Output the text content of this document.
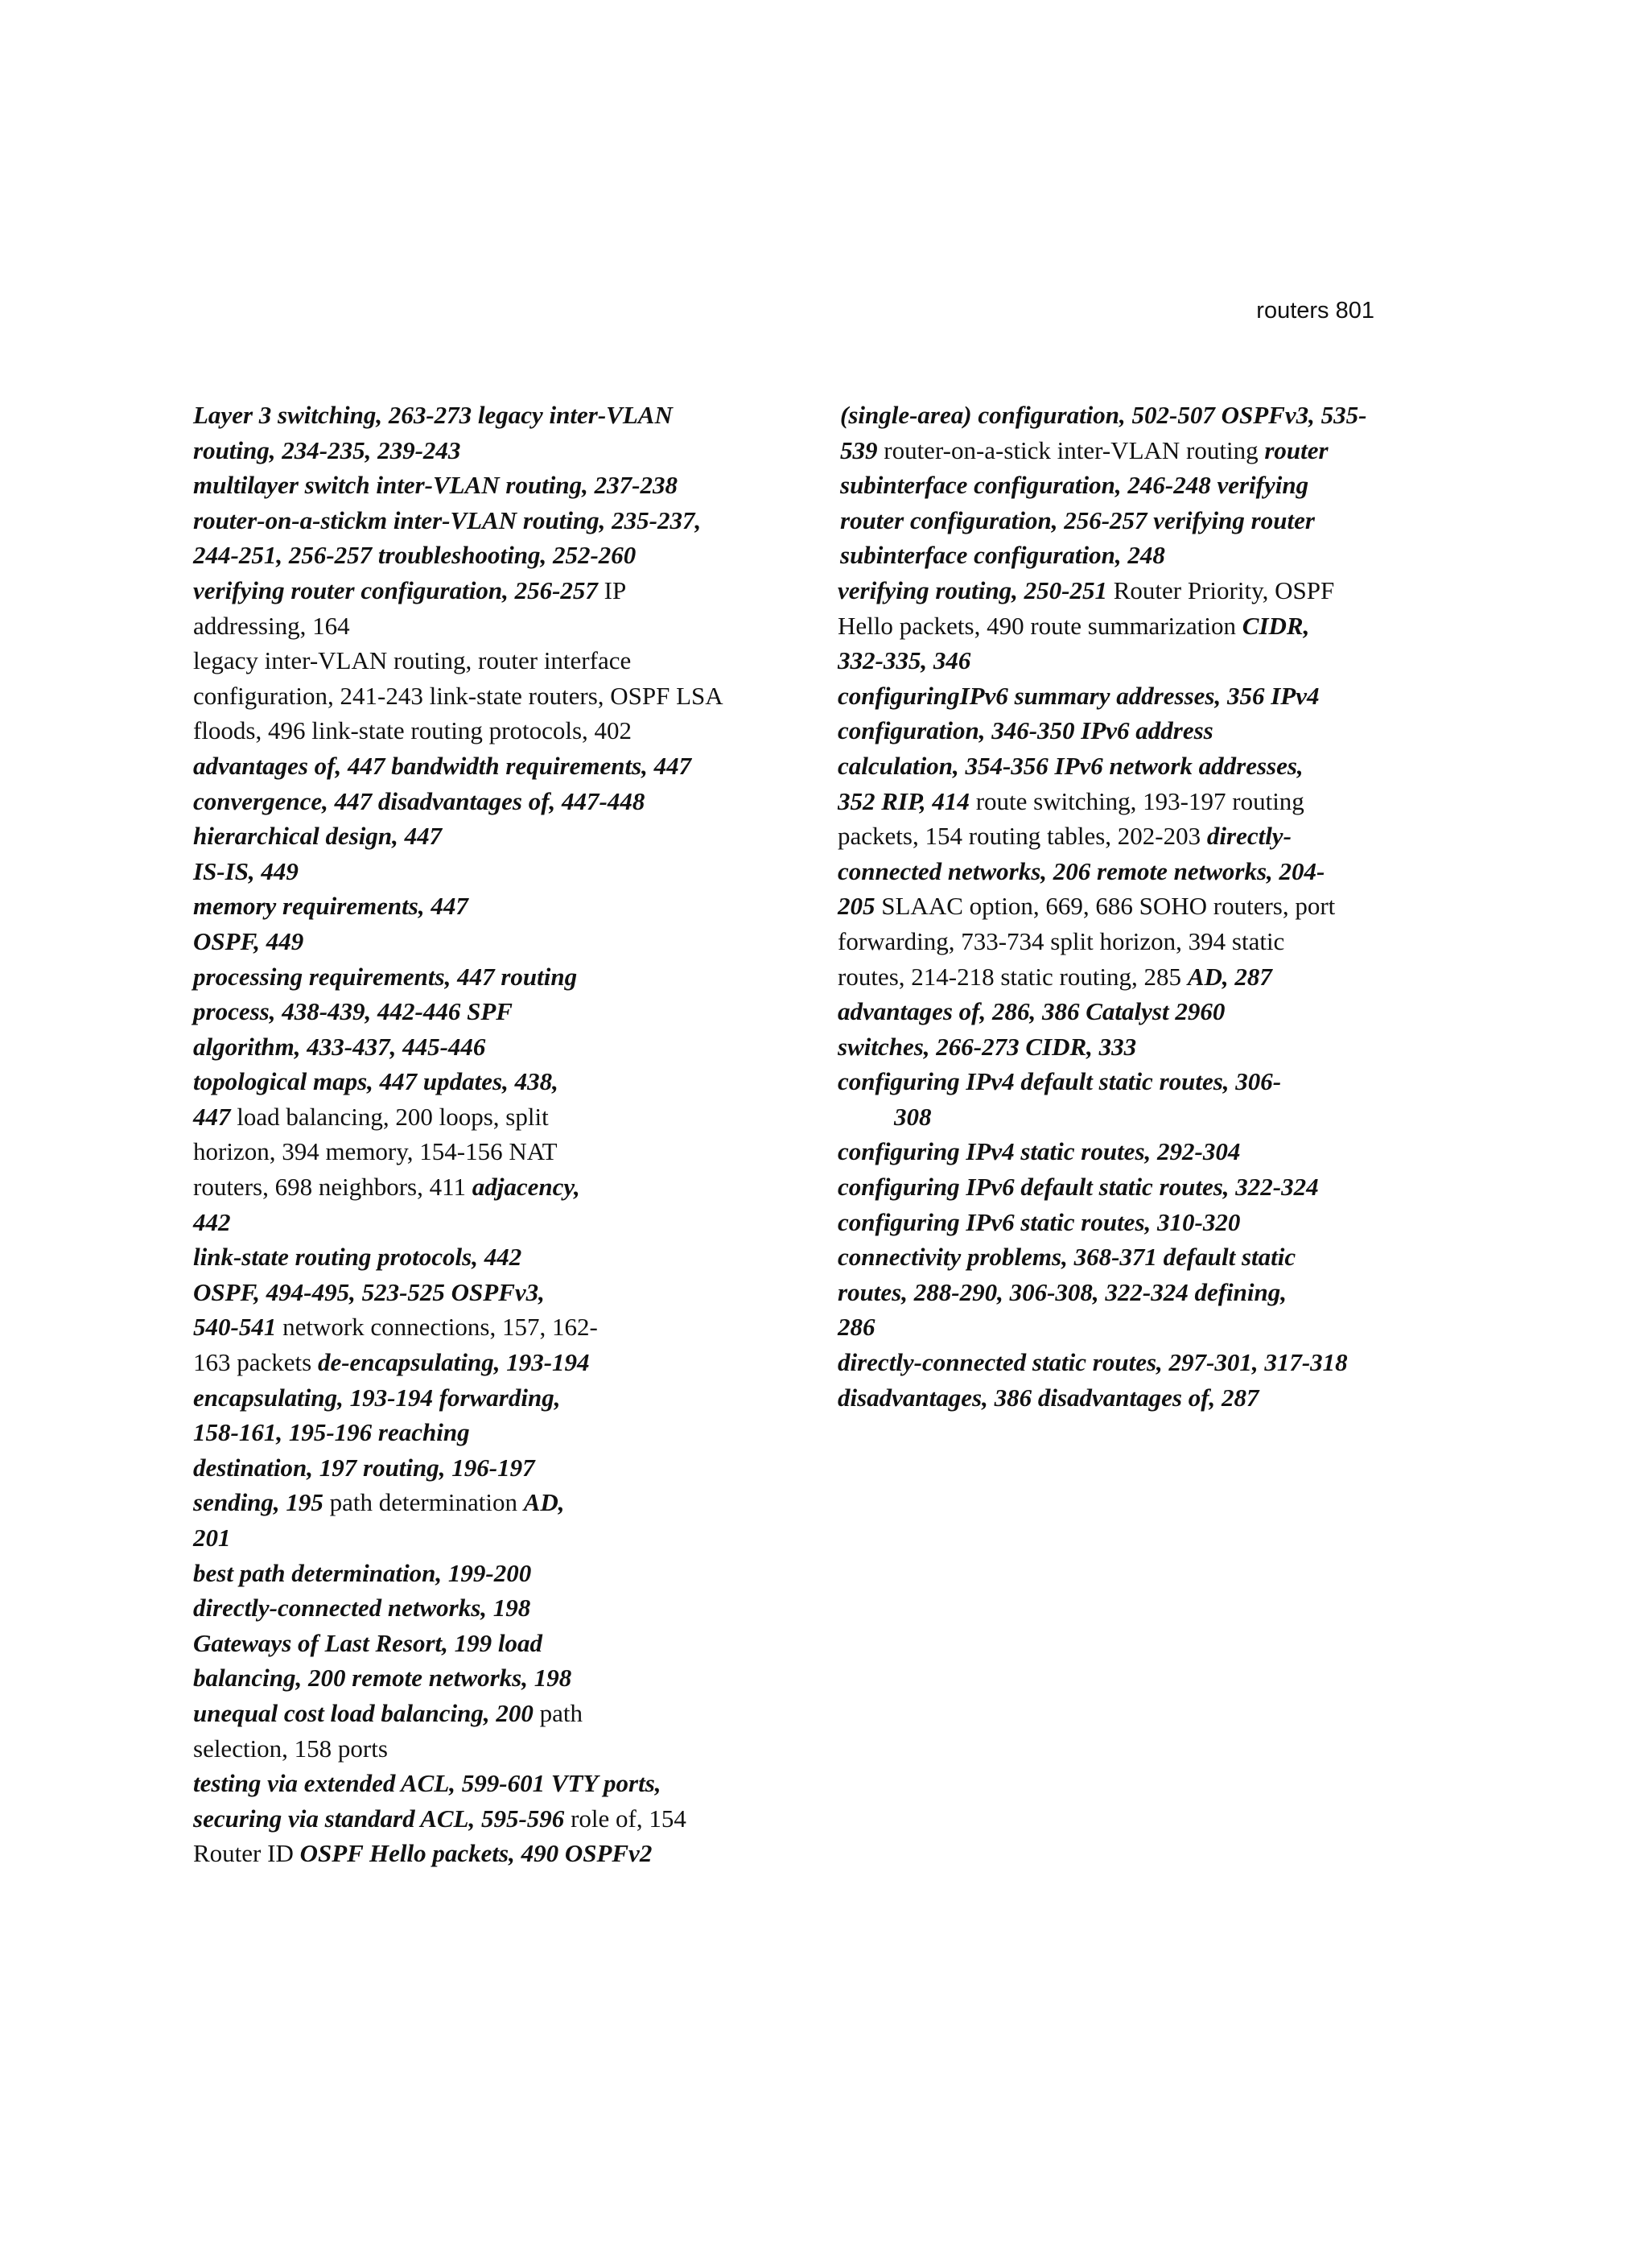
routers 801
Layer 3 switching, 263-273 legacy inter-VLAN
routing, 234-235, 239-243
multilayer switch inter-VLAN routing, 237-238
router-on-a-stickm inter-VLAN routing, 235-237,
244-251, 256-257 troubleshooting, 252-260
verifying router configuration, 256-257 IP
addressing, 164
legacy inter-VLAN routing, router interface
configuration, 241-243 link-state routers, OSPF LSA
floods, 496 link-state routing protocols, 402
advantages of, 447 bandwidth requirements, 447
convergence, 447 disadvantages of, 447-448
hierarchical design, 447
IS-IS, 449
memory requirements, 447
OSPF, 449
processing requirements, 447 routing
process, 438-439, 442-446 SPF
algorithm, 433-437, 445-446
topological maps, 447 updates, 438,
447 load balancing, 200 loops, split
horizon, 394 memory, 154-156 NAT
routers, 698 neighbors, 411 adjacency,
442
link-state routing protocols, 442
OSPF, 494-495, 523-525 OSPFv3,
540-541 network connections, 157, 162-
163 packets de-encapsulating, 193-194
encapsulating, 193-194 forwarding,
158-161, 195-196 reaching
destination, 197 routing, 196-197
sending, 195 path determination AD,
201
best path determination, 199-200
directly-connected networks, 198
Gateways of Last Resort, 199 load
balancing, 200 remote networks, 198
unequal cost load balancing, 200 path
selection, 158 ports
testing via extended ACL, 599-601 VTY ports,
securing via standard ACL, 595-596 role of, 154
Router ID OSPF Hello packets, 490 OSPFv2
(single-area) configuration, 502-507 OSPFv3, 535-
539 router-on-a-stick inter-VLAN routing router
subinterface configuration, 246-248 verifying
router configuration, 256-257 verifying router
subinterface configuration, 248
verifying routing, 250-251 Router Priority, OSPF
Hello packets, 490 route summarization CIDR,
332-335, 346
configuringIPv6 summary addresses, 356 IPv4
configuration, 346-350 IPv6 address
calculation, 354-356 IPv6 network addresses,
352 RIP, 414 route switching, 193-197 routing
packets, 154 routing tables, 202-203 directly-
connected networks, 206 remote networks, 204-
205 SLAAC option, 669, 686 SOHO routers, port
forwarding, 733-734 split horizon, 394 static
routes, 214-218 static routing, 285 AD, 287
advantages of, 286, 386 Catalyst 2960
switches, 266-273 CIDR, 333
configuring IPv4 default static routes, 306-
308
configuring IPv4 static routes, 292-304
configuring IPv6 default static routes, 322-324
configuring IPv6 static routes, 310-320
connectivity problems, 368-371 default static
routes, 288-290, 306-308, 322-324 defining,
286
directly-connected static routes, 297-301, 317-318
disadvantages, 386 disadvantages of, 287
